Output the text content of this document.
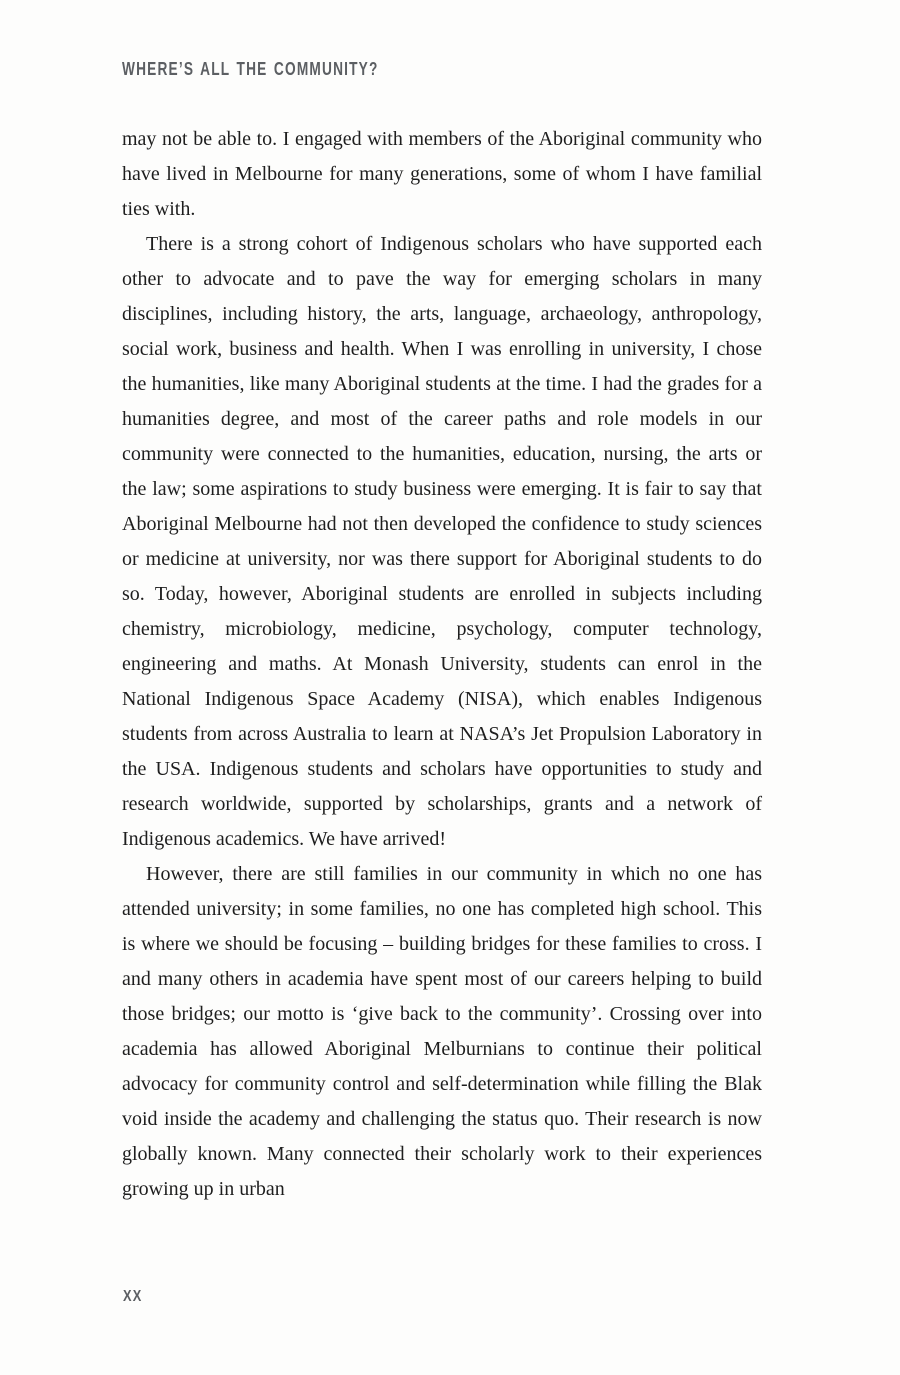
WHERE’S ALL THE COMMUNITY?

may not be able to. I engaged with members of the Aboriginal community who have lived in Melbourne for many generations, some of whom I have familial ties with.

There is a strong cohort of Indigenous scholars who have supported each other to advocate and to pave the way for emerging scholars in many disciplines, including history, the arts, language, archaeology, anthropology, social work, business and health. When I was enrolling in university, I chose the humanities, like many Aboriginal students at the time. I had the grades for a humanities degree, and most of the career paths and role models in our community were connected to the humanities, education, nursing, the arts or the law; some aspirations to study business were emerging. It is fair to say that Aboriginal Melbourne had not then developed the confidence to study sciences or medicine at university, nor was there support for Aboriginal students to do so. Today, however, Aboriginal students are enrolled in subjects including chemistry, microbiology, medicine, psychology, computer technology, engineering and maths. At Monash University, students can enrol in the National Indigenous Space Academy (NISA), which enables Indigenous students from across Australia to learn at NASA’s Jet Propulsion Laboratory in the USA. Indigenous students and scholars have opportunities to study and research worldwide, supported by scholarships, grants and a network of Indigenous academics. We have arrived!

However, there are still families in our community in which no one has attended university; in some families, no one has completed high school. This is where we should be focusing – building bridges for these families to cross. I and many others in academia have spent most of our careers helping to build those bridges; our motto is ‘give back to the community’. Crossing over into academia has allowed Aboriginal Melburnians to continue their political advocacy for community control and self-determination while filling the Blak void inside the academy and challenging the status quo. Their research is now globally known. Many connected their scholarly work to their experiences growing up in urban

XX
